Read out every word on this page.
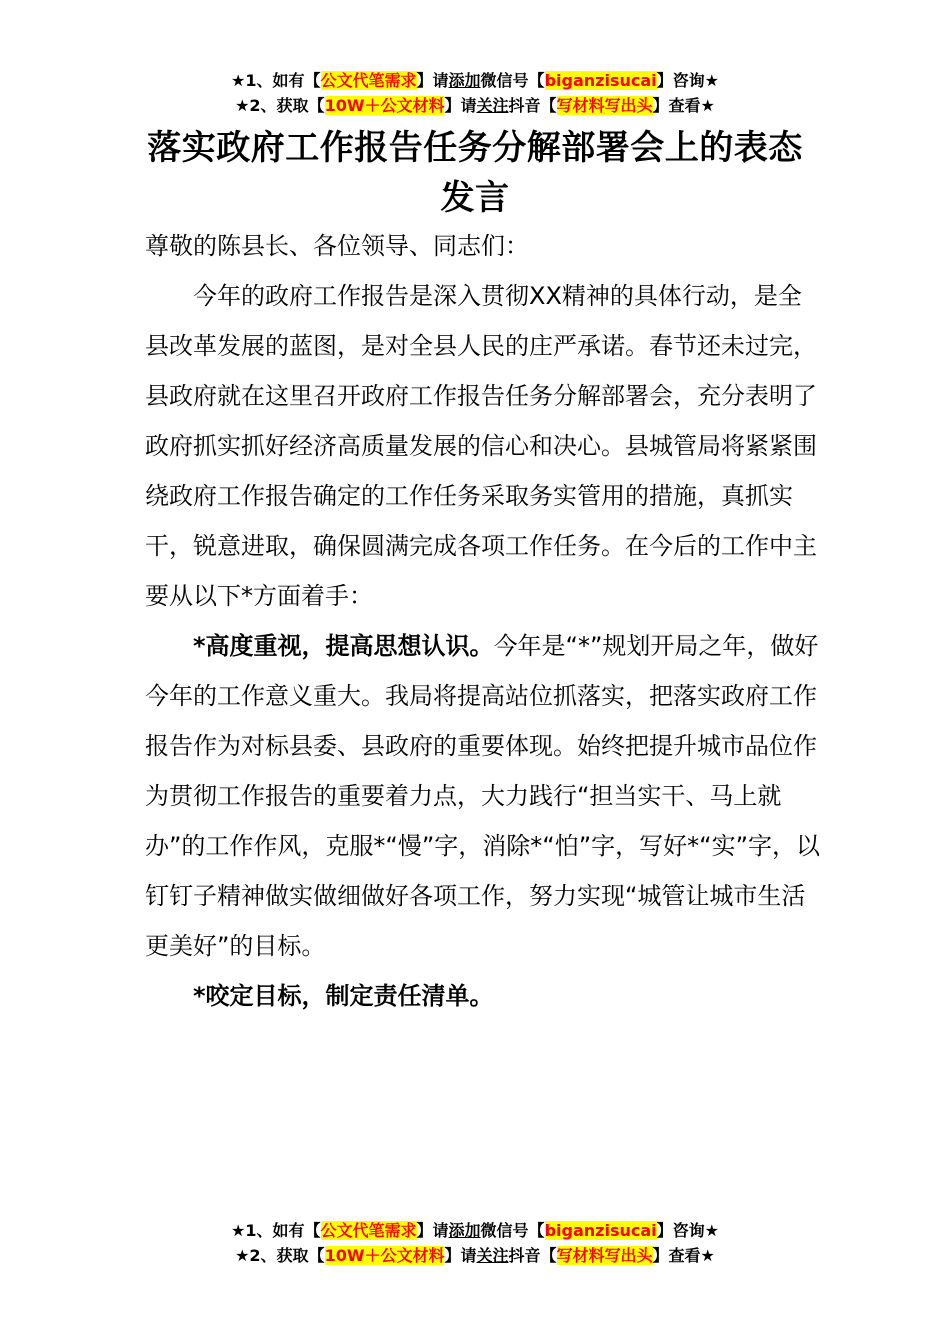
★1、如有【公文代笔需求】请添加微信号【biganzisucai】咨询★
★2、获取【10W＋公文材料】请关注抖音【写材料写出头】查看★
落实政府工作报告任务分解部署会上的表态发言

尊敬的陈县长、各位领导、同志们：

今年的政府工作报告是深入贯彻XX精神的具体行动，是全县改革发展的蓝图，是对全县人民的庄严承诺。春节还未过完，县政府就在这里召开政府工作报告任务分解部署会，充分表明了政府抓实抓好经济高质量发展的信心和决心。县城管局将紧紧围绕政府工作报告确定的工作任务采取务实管用的措施，真抓实干，锐意进取，确保圆满完成各项工作任务。在今后的工作中主要从以下*方面着手：

*高度重视，提高思想认识。今年是“*”规划开局之年，做好今年的工作意义重大。我局将提高站位抓落实，把落实政府工作报告作为对标县委、县政府的重要体现。始终把提升城市品位作为贯彻工作报告的重要着力点，大力践行“担当实干、马上就办”的工作作风，克服*“慢”字，消除*“怕”字，写好*“实”字，以钉钉子精神做实做细做好各项工作，努力实现“城管让城市生活更美好”的目标。

*咬定目标，制定责任清单。

★1、如有【公文代笔需求】请添加微信号【biganzisucai】咨询★
★2、获取【10W＋公文材料】请关注抖音【写材料写出头】查看★
